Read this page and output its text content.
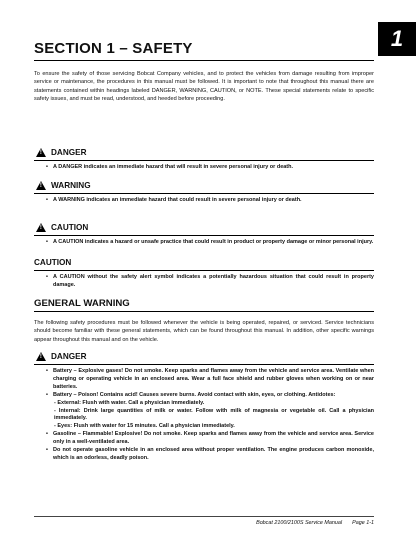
1
SECTION 1 – SAFETY
To ensure the safety of those servicing Bobcat Company vehicles, and to protect the vehicles from damage resulting from improper service or maintenance, the procedures in this manual must be followed. It is important to note that throughout this manual there are statements contained within headings labeled DANGER, WARNING, CAUTION, or NOTE. These special statements relate to specific safety issues, and must be read, understood, and heeded before proceeding.
!
DANGER
• A DANGER indicates an immediate hazard that will result in severe personal injury or death.
!
WARNING
• A WARNING indicates an immediate hazard that could result in severe personal injury or death.
!
CAUTION
• A CAUTION indicates a hazard or unsafe practice that could result in product or property damage or minor personal injury.
CAUTION
• A CAUTION without the safety alert symbol indicates a potentially hazardous situation that could result in property damage.
GENERAL WARNING
The following safety procedures must be followed whenever the vehicle is being operated, repaired, or serviced. Service technicians should become familiar with these general statements, which can be found throughout this manual. In addition, other specific warnings appear throughout this manual and on the vehicle.
!
DANGER
• Battery – Explosive gases! Do not smoke. Keep sparks and flames away from the vehicle and service area. Ventilate when charging or operating vehicle in an enclosed area. Wear a full face shield and rubber gloves when working on or near batteries.
• Battery – Poison! Contains acid! Causes severe burns. Avoid contact with skin, eyes, or clothing. Antidotes:
- External: Flush with water. Call a physician immediately.
- Internal: Drink large quantities of milk or water. Follow with milk of magnesia or vegetable oil. Call a physician immediately.
- Eyes: Flush with water for 15 minutes. Call a physician immediately.
• Gasoline – Flammable! Explosive! Do not smoke. Keep sparks and flames away from the vehicle and service area. Service only in a well-ventilated area.
• Do not operate gasoline vehicle in an enclosed area without proper ventilation. The engine produces carbon monoxide, which is an odorless, deadly poison.
Bobcat 2100/2100S Service Manual Page 1-1
